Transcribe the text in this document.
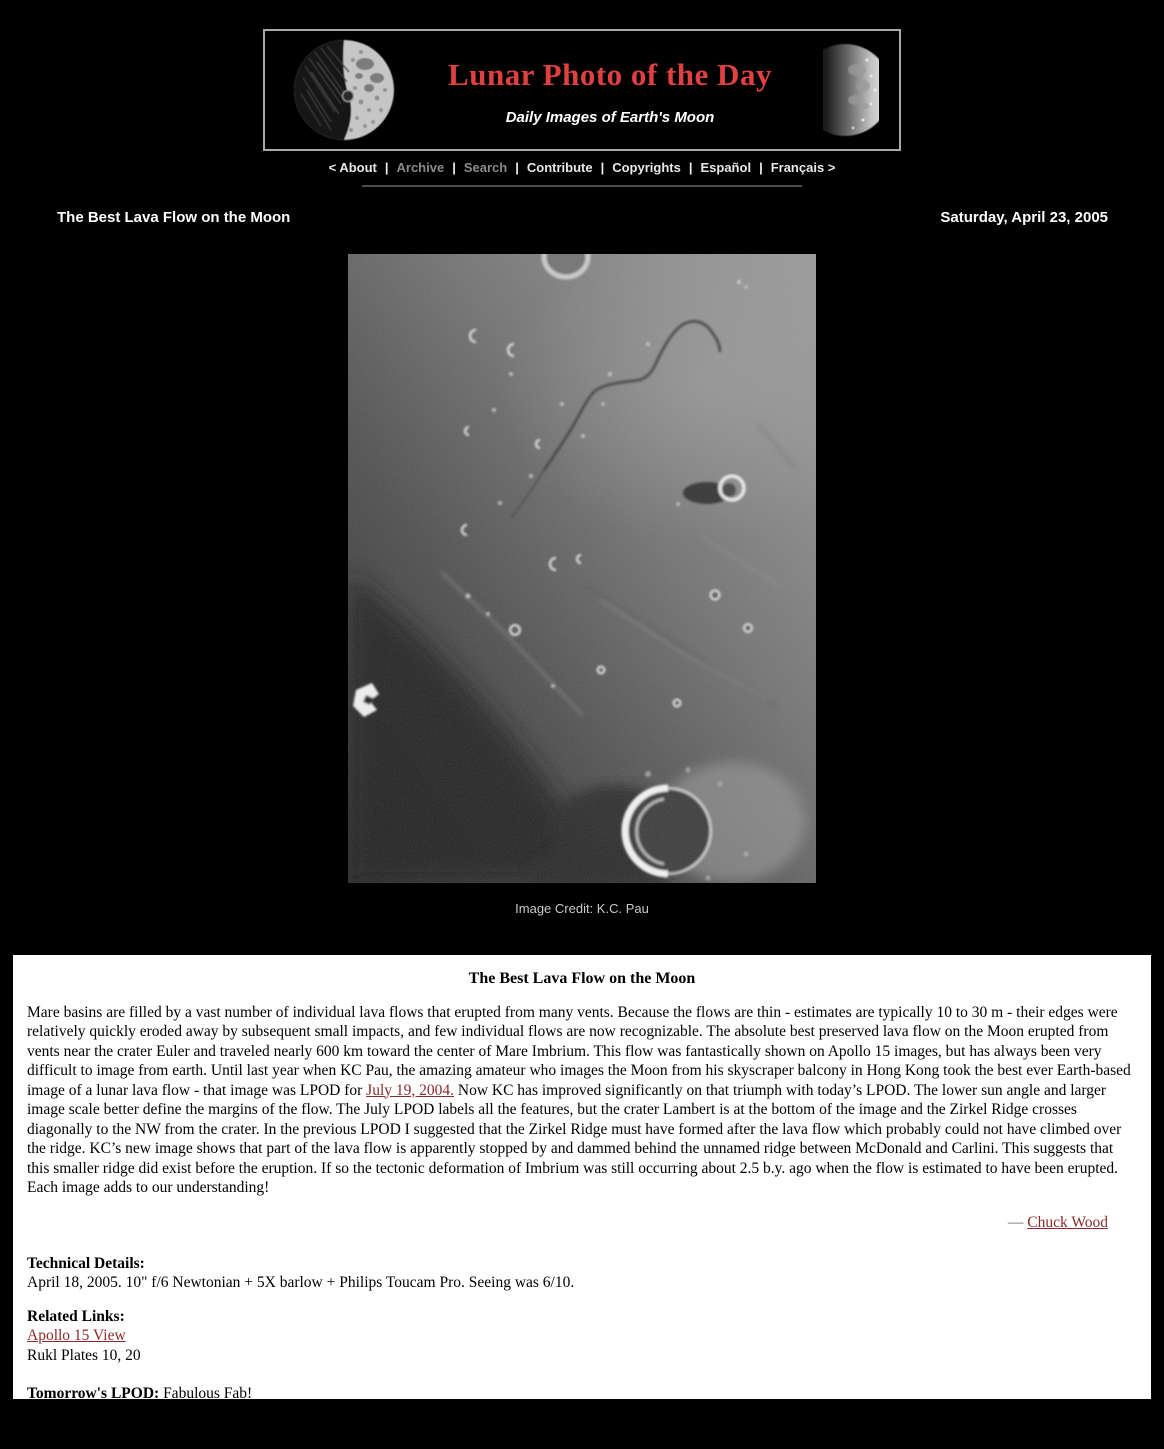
Lunar Photo of the Day
Daily Images of Earth's Moon
< About | Archive | Search | Contribute | Copyrights | Español | Français >
The Best Lava Flow on the Moon	Saturday, April 23, 2005
Image Credit: K.C. Pau
The Best Lava Flow on the Moon

Mare basins are filled by a vast number of individual lava flows that erupted from many vents. Because the flows are thin - estimates are typically 10 to 30 m - their edges were relatively quickly eroded away by subsequent small impacts, and few individual flows are now recognizable. The absolute best preserved lava flow on the Moon erupted from vents near the crater Euler and traveled nearly 600 km toward the center of Mare Imbrium. This flow was fantastically shown on Apollo 15 images, but has always been very difficult to image from earth. Until last year when KC Pau, the amazing amateur who images the Moon from his skyscraper balcony in Hong Kong took the best ever Earth-based image of a lunar lava flow - that image was LPOD for July 19, 2004. Now KC has improved significantly on that triumph with today’s LPOD. The lower sun angle and larger image scale better define the margins of the flow. The July LPOD labels all the features, but the crater Lambert is at the bottom of the image and the Zirkel Ridge crosses diagonally to the NW from the crater. In the previous LPOD I suggested that the Zirkel Ridge must have formed after the lava flow which probably could not have climbed over the ridge. KC’s new image shows that part of the lava flow is apparently stopped by and dammed behind the unnamed ridge between McDonald and Carlini. This suggests that this smaller ridge did exist before the eruption. If so the tectonic deformation of Imbrium was still occurring about 2.5 b.y. ago when the flow is estimated to have been erupted. Each image adds to our understanding!

— Chuck Wood
Technical Details:
April 18, 2005. 10" f/6 Newtonian + 5X barlow + Philips Toucam Pro. Seeing was 6/10.
Related Links:
Apollo 15 View
Rukl Plates 10, 20
Tomorrow's LPOD: Fabulous Fab!
